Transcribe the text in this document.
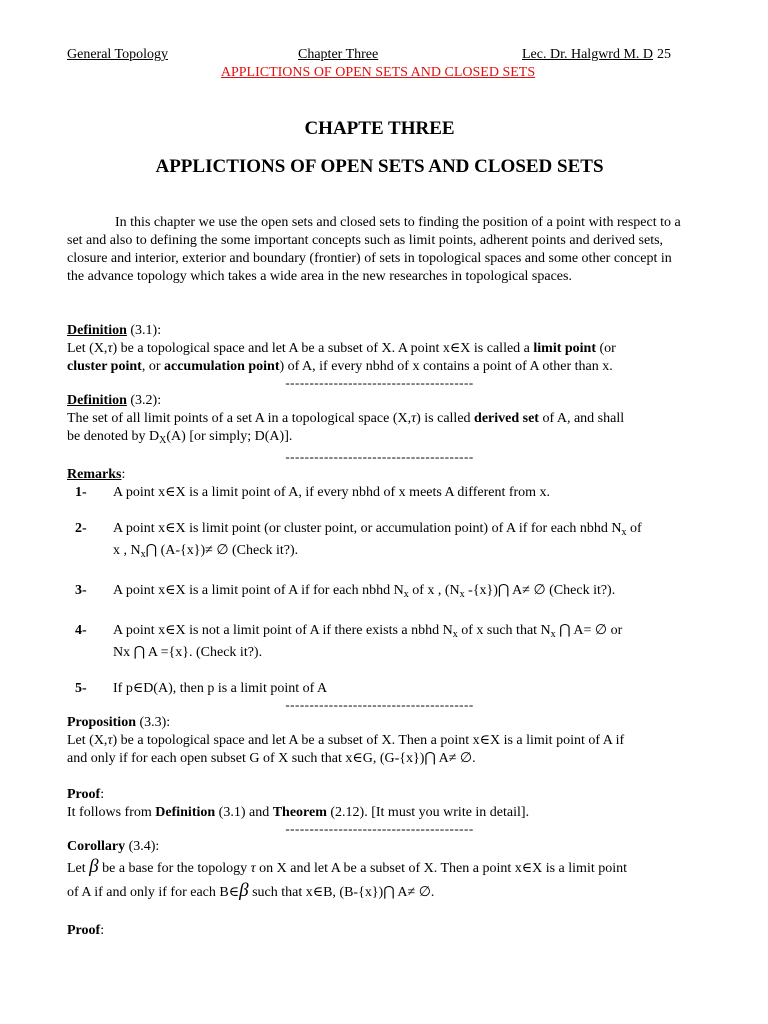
General Topology	Chapter Three	Lec. Dr. Halgwrd M. D 25
APPLICTIONS OF OPEN SETS AND CLOSED SETS
CHAPTE THREE
APPLICTIONS OF OPEN SETS AND CLOSED SETS
In this chapter we use the open sets and closed sets to finding the position of a point with respect to a set and also to defining the some important concepts such as limit points, adherent points and derived sets, closure and interior, exterior and boundary (frontier) of sets in topological spaces and some other concept in the advance topology which takes a wide area in the new researches in topological spaces.
Definition (3.1):
Let (X,τ) be a topological space and let A be a subset of X. A point x∈X is called a limit point (or
cluster point, or accumulation point) of A, if every nbhd of x contains a point of A other than x.
---------------------------------------
Definition (3.2):
The set of all limit points of a set A in a topological space (X,τ) is called derived set of A, and shall
be denoted by $D_X(A)$ [or simply; D(A)].
---------------------------------------
Remarks:
1-	A point x∈X is a limit point of A, if every nbhd of x meets A different from x.
2-	A point x∈X is limit point (or cluster point, or accumulation point) of A if for each nbhd $N_x$ of
x , $N_x⋂$ (A-{x})≠ ∅ (Check it?).
3-	A point x∈X is a limit point of A if for each nbhd $N_x$ of x , ($N_x$ -{x})⋂ A≠ ∅ (Check it?).
4-	A point x∈X is not a limit point of A if there exists a nbhd $N_x$ of x such that $N_x$ ⋂ A= ∅ or
Nx ⋂ A ={x}. (Check it?).
5-	If p∈D(A), then p is a limit point of A
---------------------------------------
Proposition (3.3):
Let (X,τ) be a topological space and let A be a subset of X. Then a point x∈X is a limit point of A if
and only if for each open subset G of X such that x∈G, (G-{x})⋂ A≠ ∅.
Proof:
It follows from Definition (3.1) and Theorem (2.12). [It must you write in detail].
---------------------------------------
Corollary (3.4):
Let β be a base for the topology τ on X and let A be a subset of X. Then a point x∈X is a limit point
of A if and only if for each B∈β such that x∈B, (B-{x})⋂ A≠ ∅.
Proof:
